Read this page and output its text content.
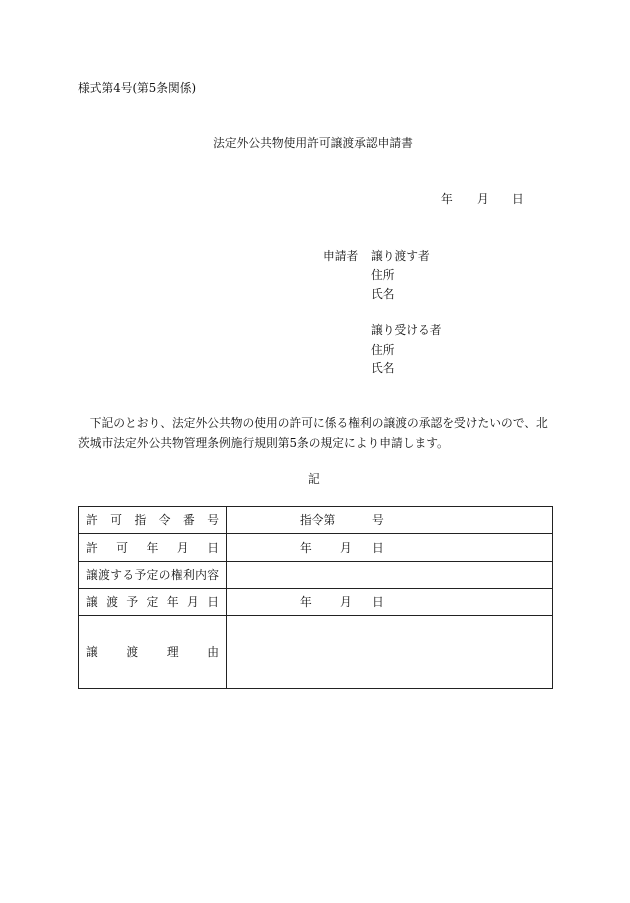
様式第4号(第5条関係)
法定外公共物使用許可譲渡承認申請書
年 月 日
申請者 譲り渡す者
住所
氏名
譲り受ける者
住所
氏名
　下記のとおり、法定外公共物の使用の許可に係る権利の譲渡の承認を受けたいので、北
茨城市法定外公共物管理条例施行規則第5条の規定により申請します。
記
許可指令番号	指令第	号
許可年月日	年 月 日
譲渡する予定の権利内容
譲渡予定年月日	年 月 日
譲渡理由
